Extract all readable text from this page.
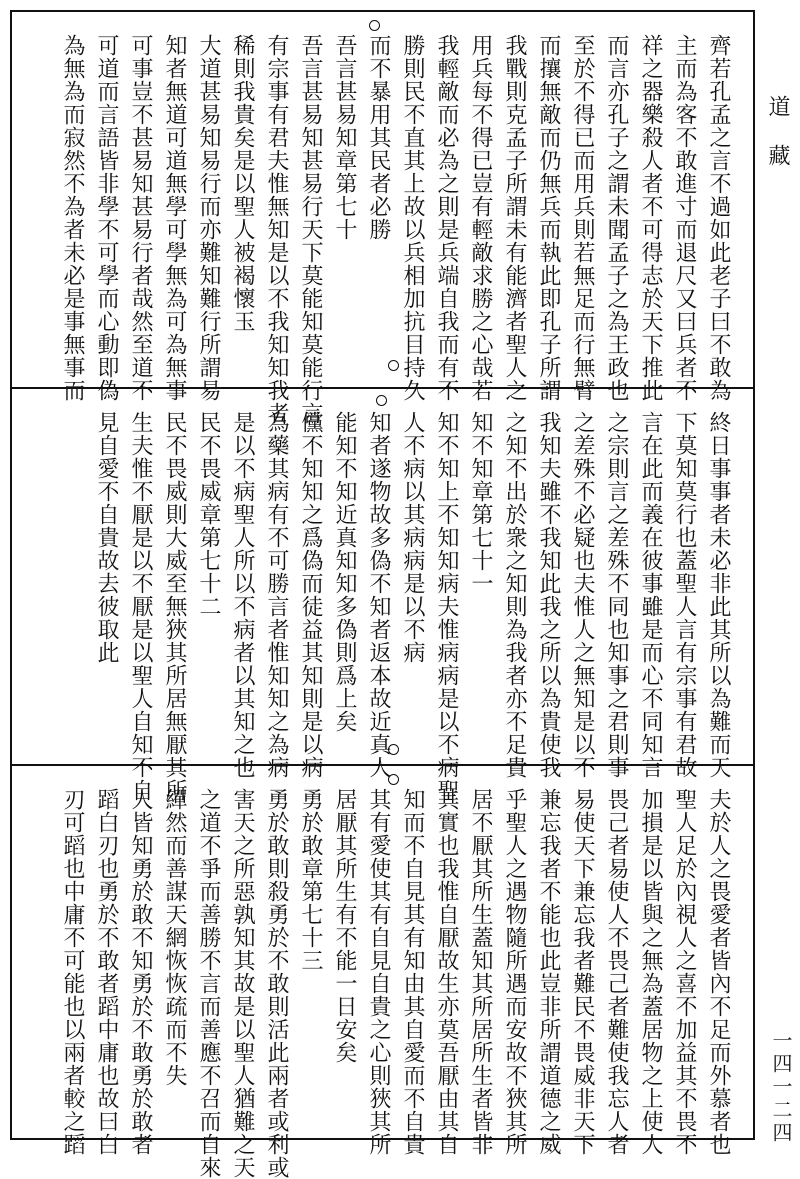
齊若孔孟之言不過如此老子曰不敢為
主而為客不敢進寸而退尺又曰兵者不
祥之器樂殺人者不可得志於天下推此
而言亦孔子之謂未聞孟子之為王政也
至於不得已而用兵則若無足而行無臂
而攘無敵而仍無兵而執此即孔子所謂
我戰則克孟子所謂未有能濟者聖人之
用兵每不得已豈有輕敵求勝之心哉若
我輕敵而必為之則是兵端自我而有不
勝則民不直其上故以兵相加抗目持久
而不暴用其民者必勝
吾言甚易知章第七十
吾言甚易知甚易行天下莫能知莫能行言
有宗事有君夫惟無知是以不我知知我者
稀則我貴矣是以聖人被褐懷玉
大道甚易知易行而亦難知難行所謂易
知者無道可道無學可學無為可為無事
可事豈不甚易知甚易行者哉然至道不
可道而言語皆非學不可學而心動即偽
為無為而寂然不為者未必是事無事而
終日事事者未必非此其所以為難而天
下莫知莫行也蓋聖人言有宗事有君故
言在此而義在彼事雖是而心不同知言
之宗則言之差殊不同也知事之君則事
之差殊不必疑也夫惟人之無知是以不
我知夫雖不我知此我之所以為貴使我
之知不出於衆之知則為我者亦不足貴
知不知章第七十一
知不知上不知知病夫惟病病是以不病聖
人不病以其病病是以不病
知者遂物故多偽不知者返本故近真人
能知不知近真知知多偽則爲上矣
儻不知知之爲偽而徒益其知則是以病
為藥其病有不可勝言者惟知知之為病
是以不病聖人所以不病者以其知之也
民不畏威章第七十二
民不畏威則大威至無狹其所居無厭其所
生夫惟不厭是以不厭是以聖人自知不自
見自愛不自貴故去彼取此
夫於人之畏愛者皆內不足而外慕者也
聖人足於內視人之喜不加益其不畏不
加損是以皆與之無為蓋居物之上使人
畏己者易使人不畏己者難使我忘人者
易使天下兼忘我者難民不畏威非天下
兼忘我者不能也此豈非所謂道德之威
乎聖人之遇物隨所遇而安故不狹其所
居不厭其所生蓋知其所居所生者皆非
其實也我惟自厭故生亦莫吾厭由其自
知而不自見其有知由其自愛而不自貴
其有愛使其有自見自貴之心則狹其所
居厭其所生有不能一日安矣
勇於敢章第七十三
勇於敢則殺勇於不敢則活此兩者或利或
害天之所惡孰知其故是以聖人猶難之天
之道不爭而善勝不言而善應不召而自來
繟然而善謀天網恢恢疏而不失
人皆知勇於敢不知勇於不敢勇於敢者
蹈白刃也勇於不敢者蹈中庸也故曰白
刃可蹈也中庸不可能也以兩者較之蹈
道 藏
一四一二四
